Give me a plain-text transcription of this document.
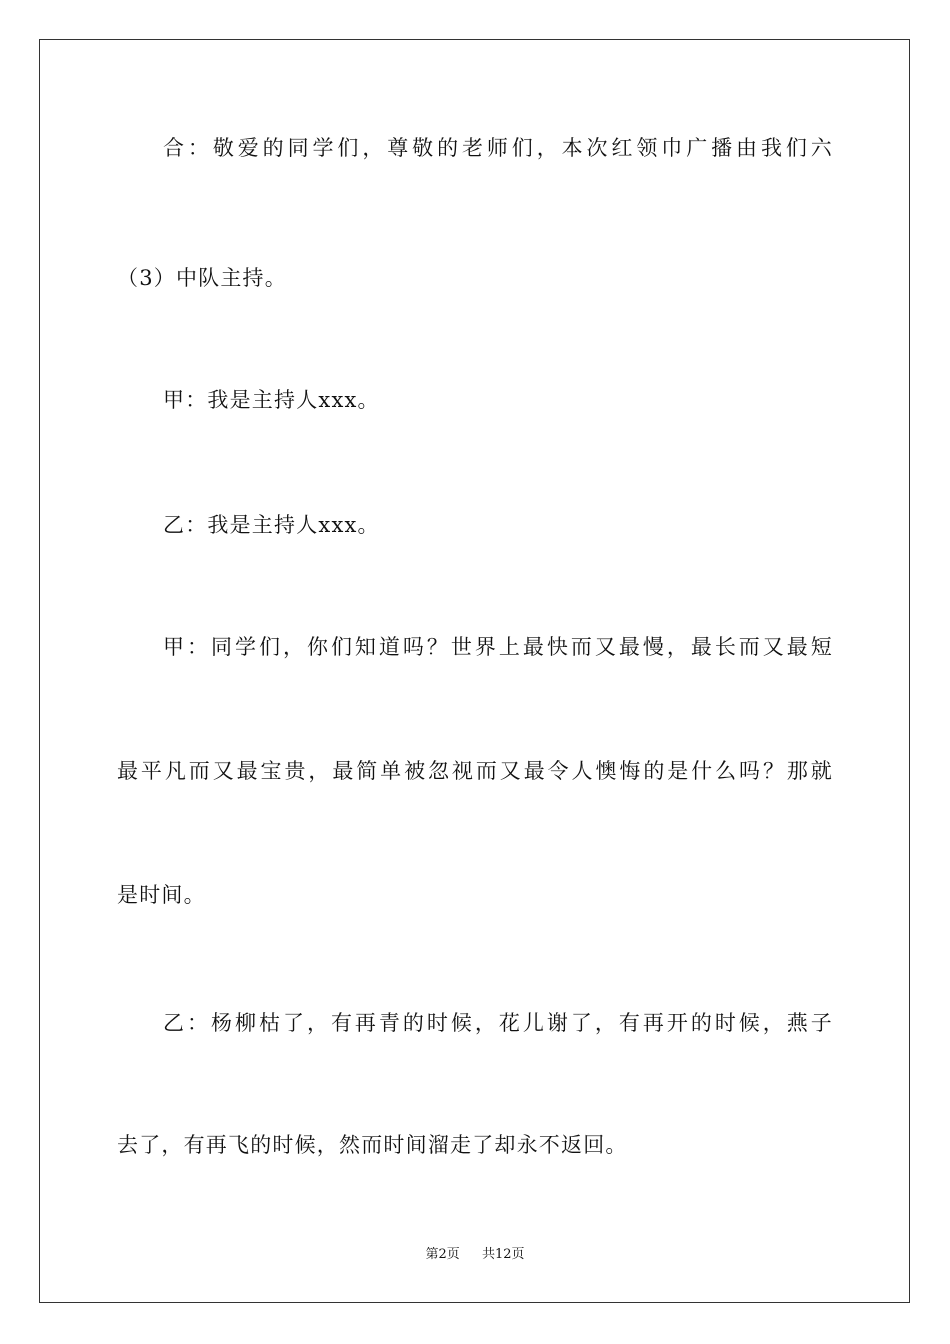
合：敬爱的同学们，尊敬的老师们，本次红领巾广播由我们六
（3）中队主持。
甲：我是主持人xxx。
乙：我是主持人xxx。
甲：同学们，你们知道吗？世界上最快而又最慢，最长而又最短
最平凡而又最宝贵，最简单被忽视而又最令人懊悔的是什么吗？那就
是时间。
乙：杨柳枯了，有再青的时候，花儿谢了，有再开的时候，燕子
去了，有再飞的时候，然而时间溜走了却永不返回。
第2页 共12页
